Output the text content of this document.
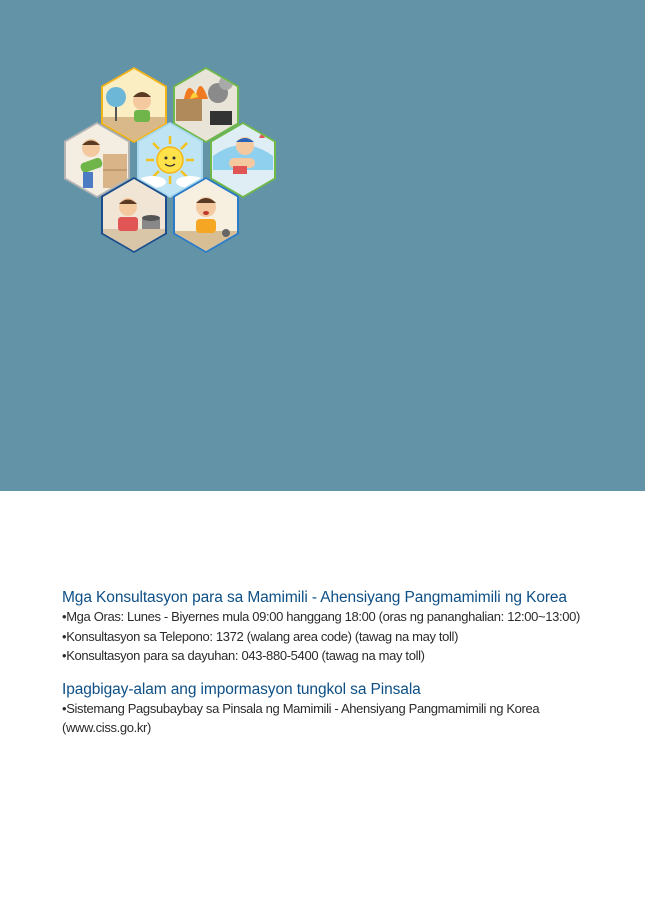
Mga Konsultasyon para sa Mamimili - Ahensiyang Pangmamimili ng Korea

•Mga Oras: Lunes - Biyernes mula 09:00 hanggang 18:00 (oras ng pananghalian: 12:00~13:00)

•Konsultasyon sa Telepono: 1372 (walang area code) (tawag na may toll)

•Konsultasyon para sa dayuhan: 043-880-5400 (tawag na may toll)

Ipagbigay-alam ang impormasyon tungkol sa Pinsala

•Sistemang Pagsubaybay sa Pinsala ng Mamimili - Ahensiyang Pangmamimili ng Korea (www.ciss.go.kr)
